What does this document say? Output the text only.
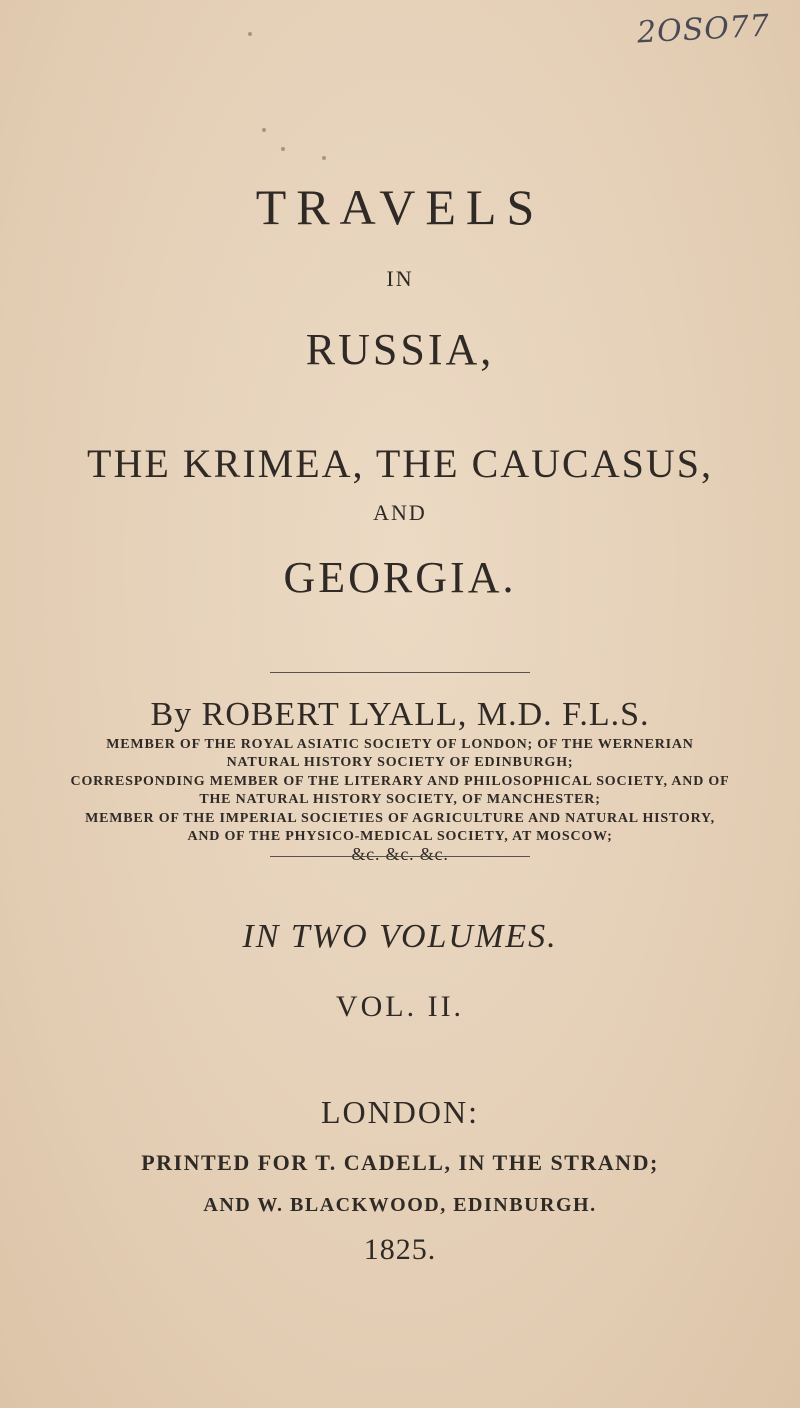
2OSO77
TRAVELS
IN
RUSSIA,
THE KRIMEA, THE CAUCASUS,
AND
GEORGIA.
By ROBERT LYALL, M.D. F.L.S.
MEMBER OF THE ROYAL ASIATIC SOCIETY OF LONDON; OF THE WERNERIAN
NATURAL HISTORY SOCIETY OF EDINBURGH;
CORRESPONDING MEMBER OF THE LITERARY AND PHILOSOPHICAL SOCIETY, AND OF
THE NATURAL HISTORY SOCIETY, OF MANCHESTER;
MEMBER OF THE IMPERIAL SOCIETIES OF AGRICULTURE AND NATURAL HISTORY,
AND OF THE PHYSICO-MEDICAL SOCIETY, AT MOSCOW;
&c. &c. &c.
IN TWO VOLUMES.
VOL. II.
LONDON:
PRINTED FOR T. CADELL, IN THE STRAND;
AND W. BLACKWOOD, EDINBURGH.
1825.
